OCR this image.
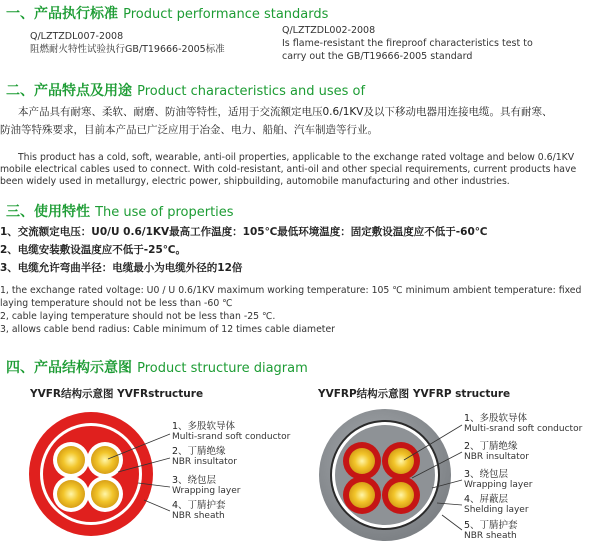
一、产品执行标准 Product performance standards
Q/LZTZDL007-2008
阻燃耐火特性试验执行GB/T19666-2005标准
Q/LZTZDL002-2008
Is flame-resistant the fireproof characteristics test to
carry out the GB/T19666-2005 standard
二、产品特点及用途 Product characteristics and uses of
本产品具有耐寒、柔软、耐磨、防油等特性，适用于交流额定电压0.6/1KV及以下移动电器用连接电缆。具有耐寒、
防油等特殊要求，目前本产品已广泛应用于冶金、电力、船舶、汽车制造等行业。
This product has a cold, soft, wearable, anti-oil properties, applicable to the exchange rated voltage and below 0.6/1KV
mobile electrical cables used to connect. With cold-resistant, anti-oil and other special requirements, current products have
been widely used in metallurgy, electric power, shipbuilding, automobile manufacturing and other industries.
三、使用特性 The use of properties
1、交流额定电压：U0/U 0.6/1KV最高工作温度：105℃最低环境温度：固定敷设温度应不低于-60℃
2、电缆安装敷设温度应不低于-25℃。
3、电缆允许弯曲半径：电缆最小为电缆外径的12倍
1, the exchange rated voltage: U0 / U 0.6/1KV maximum working temperature: 105 ℃ minimum ambient temperature: fixed
laying temperature should not be less than -60 ℃
2, cable laying temperature should not be less than -25 ℃.
3, allows cable bend radius: Cable minimum of 12 times cable diameter
四、产品结构示意图 Product structure diagram
YVFR结构示意图 YVFRstructure	YVFRP结构示意图 YVFRP structure
1、多股软导体
Multi-srand soft conductor
2、丁腈绝缘
NBR insultator
3、绕包层
Wrapping layer
4、丁腈护套
NBR sheath
1、多股软导体
Multi-srand soft conductor
2、丁腈绝缘
NBR insultator
3、绕包层
Wrapping layer
4、屏蔽层
Shelding layer
5、丁腈护套
NBR sheath
